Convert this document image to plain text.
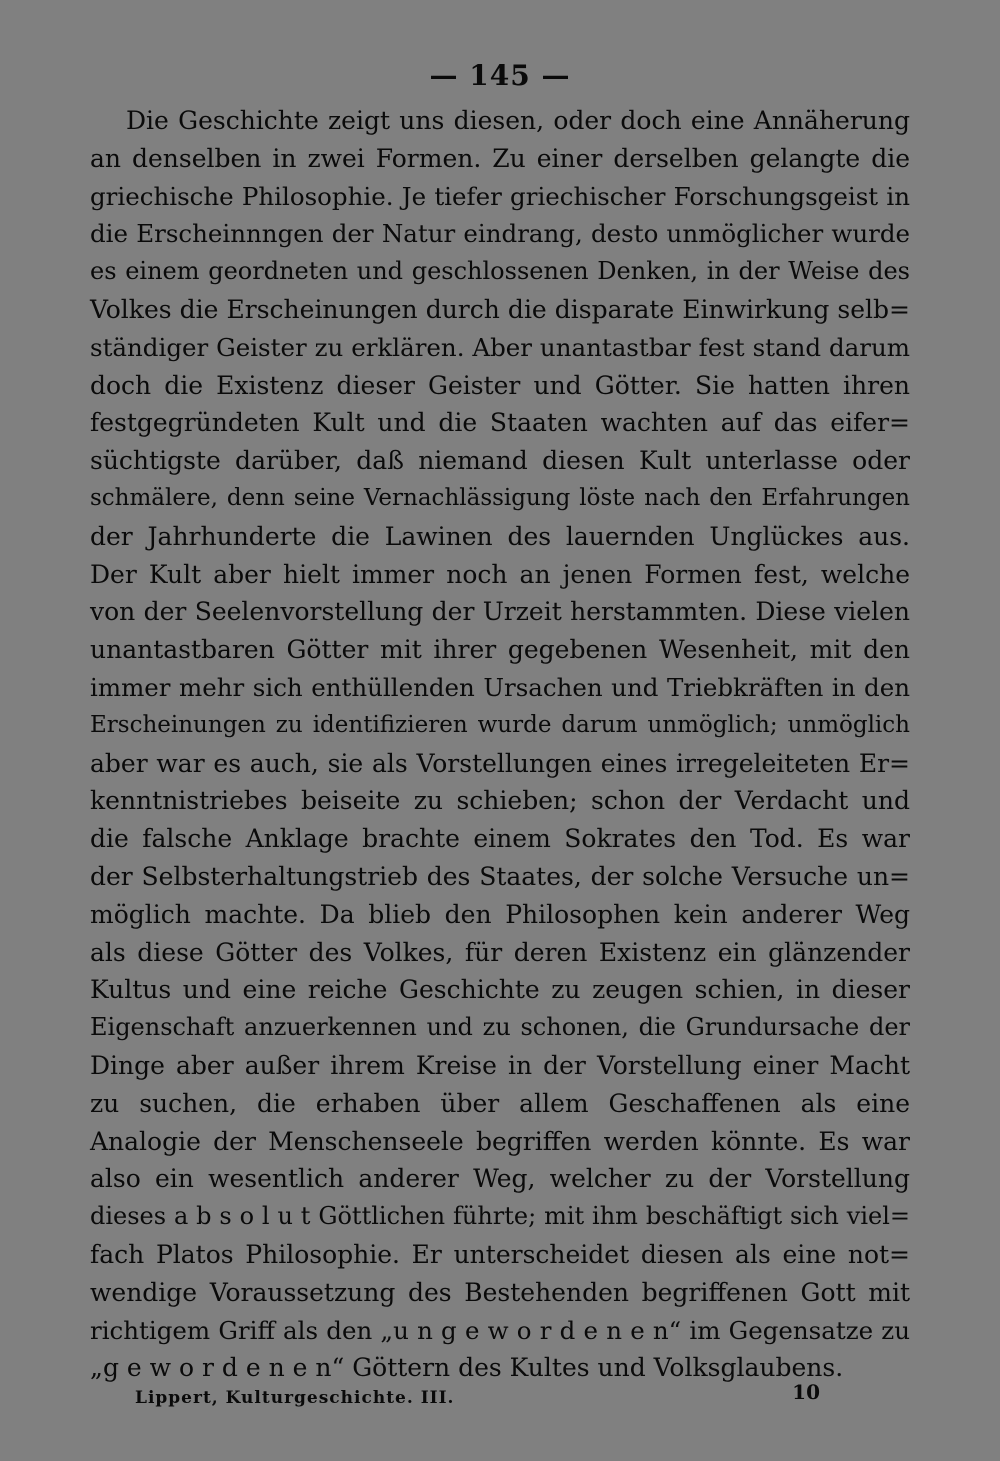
— 145 —
Die Geschichte zeigt uns diesen, oder doch eine Annäherung
an denselben in zwei Formen. Zu einer derselben gelangte die
griechische Philosophie. Je tiefer griechischer Forschungsgeist in
die Erscheinnngen der Natur eindrang, desto unmöglicher wurde
es einem geordneten und geschlossenen Denken, in der Weise des
Volkes die Erscheinungen durch die disparate Einwirkung selb=
ständiger Geister zu erklären. Aber unantastbar fest stand darum
doch die Existenz dieser Geister und Götter. Sie hatten ihren
festgegründeten Kult und die Staaten wachten auf das eifer=
süchtigste darüber, daß niemand diesen Kult unterlasse oder
schmälere, denn seine Vernachlässigung löste nach den Erfahrungen
der Jahrhunderte die Lawinen des lauernden Unglückes aus.
Der Kult aber hielt immer noch an jenen Formen fest, welche
von der Seelenvorstellung der Urzeit herstammten. Diese vielen
unantastbaren Götter mit ihrer gegebenen Wesenheit, mit den
immer mehr sich enthüllenden Ursachen und Triebkräften in den
Erscheinungen zu identifizieren wurde darum unmöglich; unmöglich
aber war es auch, sie als Vorstellungen eines irregeleiteten Er=
kenntnistriebes beiseite zu schieben; schon der Verdacht und
die falsche Anklage brachte einem Sokrates den Tod. Es war
der Selbsterhaltungstrieb des Staates, der solche Versuche un=
möglich machte. Da blieb den Philosophen kein anderer Weg
als diese Götter des Volkes, für deren Existenz ein glänzender
Kultus und eine reiche Geschichte zu zeugen schien, in dieser
Eigenschaft anzuerkennen und zu schonen, die Grundursache der
Dinge aber außer ihrem Kreise in der Vorstellung einer Macht
zu suchen, die erhaben über allem Geschaffenen als eine
Analogie der Menschenseele begriffen werden könnte. Es war
also ein wesentlich anderer Weg, welcher zu der Vorstellung
dieses a b s o l u t Göttlichen führte; mit ihm beschäftigt sich viel=
fach Platos Philosophie. Er unterscheidet diesen als eine not=
wendige Voraussetzung des Bestehenden begriffenen Gott mit
richtigem Griff als den „u n g e w o r d e n e n“ im Gegensatze zu
„g e w o r d e n e n“ Göttern des Kultes und Volksglaubens.
Lippert, Kulturgeschichte. III.	10
